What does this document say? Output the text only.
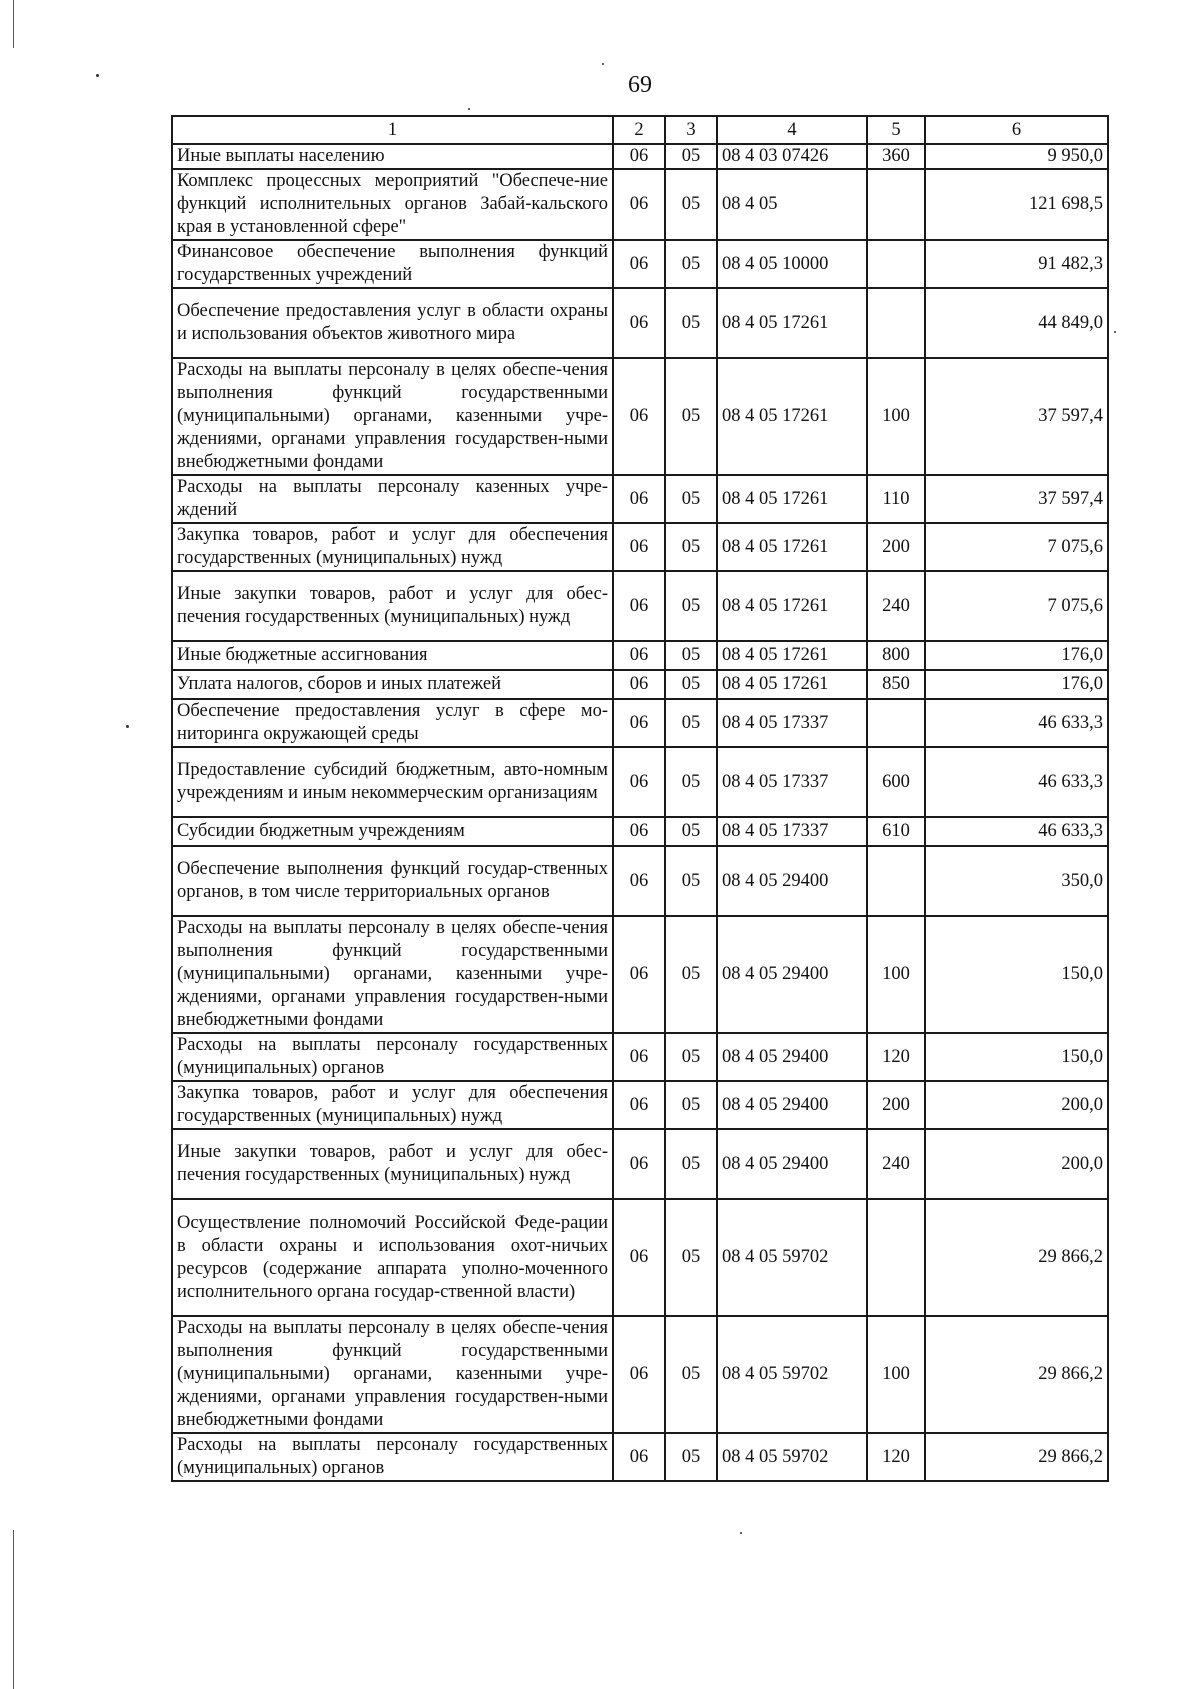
69
1	2	3	4	5	6
Иные выплаты населению	06	05	08 4 03 07426	360	9 950,0
Комплекс процессных мероприятий "Обеспече-ние функций исполнительных органов Забай-кальского края в установленной сфере"	06	05	08 4 05		121 698,5
Финансовое обеспечение выполнения функций государственных учреждений	06	05	08 4 05 10000		91 482,3
Обеспечение предоставления услуг в области охраны и использования объектов животного мира	06	05	08 4 05 17261		44 849,0
Расходы на выплаты персоналу в целях обеспе-чения выполнения функций государственными (муниципальными) органами, казенными учре-ждениями, органами управления государствен-ными внебюджетными фондами	06	05	08 4 05 17261	100	37 597,4
Расходы на выплаты персоналу казенных учре-ждений	06	05	08 4 05 17261	110	37 597,4
Закупка товаров, работ и услуг для обеспечения государственных (муниципальных) нужд	06	05	08 4 05 17261	200	7 075,6
Иные закупки товаров, работ и услуг для обес-печения государственных (муниципальных) нужд	06	05	08 4 05 17261	240	7 075,6
Иные бюджетные ассигнования	06	05	08 4 05 17261	800	176,0
Уплата налогов, сборов и иных платежей	06	05	08 4 05 17261	850	176,0
Обеспечение предоставления услуг в сфере мо-ниторинга окружающей среды	06	05	08 4 05 17337		46 633,3
Предоставление субсидий бюджетным, авто-номным учреждениям и иным некоммерческим организациям	06	05	08 4 05 17337	600	46 633,3
Субсидии бюджетным учреждениям	06	05	08 4 05 17337	610	46 633,3
Обеспечение выполнения функций государ-ственных органов, в том числе территориальных органов	06	05	08 4 05 29400		350,0
Расходы на выплаты персоналу в целях обеспе-чения выполнения функций государственными (муниципальными) органами, казенными учре-ждениями, органами управления государствен-ными внебюджетными фондами	06	05	08 4 05 29400	100	150,0
Расходы на выплаты персоналу государственных (муниципальных) органов	06	05	08 4 05 29400	120	150,0
Закупка товаров, работ и услуг для обеспечения государственных (муниципальных) нужд	06	05	08 4 05 29400	200	200,0
Иные закупки товаров, работ и услуг для обес-печения государственных (муниципальных) нужд	06	05	08 4 05 29400	240	200,0
Осуществление полномочий Российской Феде-рации в области охраны и использования охот-ничьих ресурсов (содержание аппарата уполно-моченного исполнительного органа государ-ственной власти)	06	05	08 4 05 59702		29 866,2
Расходы на выплаты персоналу в целях обеспе-чения выполнения функций государственными (муниципальными) органами, казенными учре-ждениями, органами управления государствен-ными внебюджетными фондами	06	05	08 4 05 59702	100	29 866,2
Расходы на выплаты персоналу государственных (муниципальных) органов	06	05	08 4 05 59702	120	29 866,2
